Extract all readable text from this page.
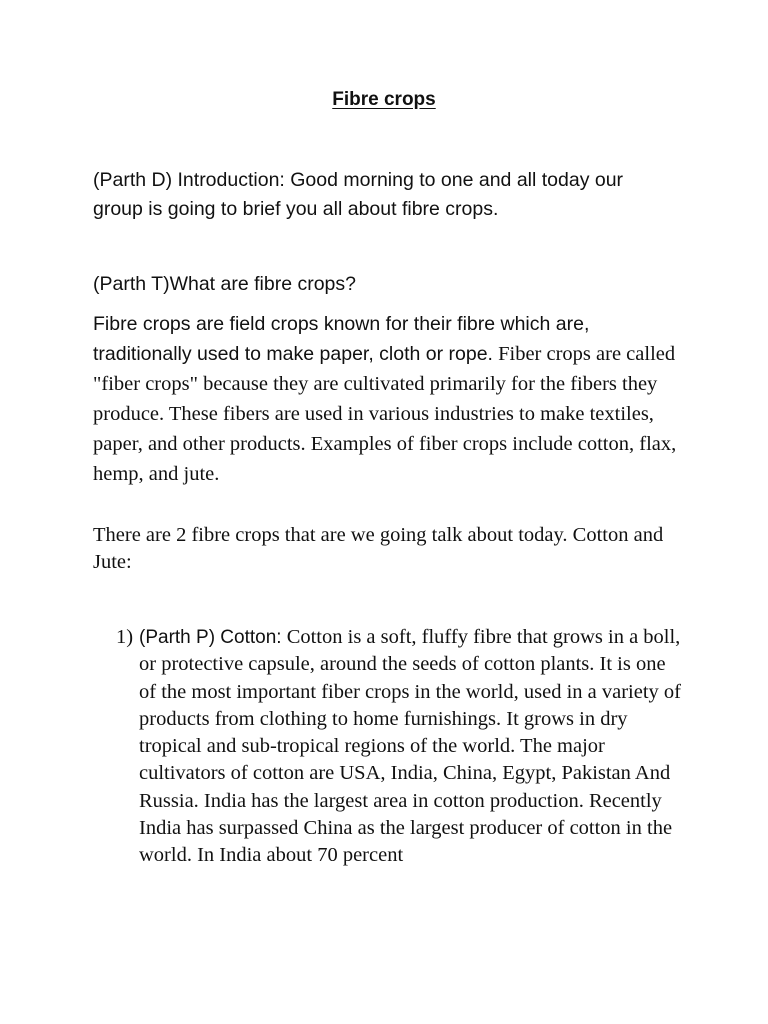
Fibre crops

(Parth D) Introduction: Good morning to one and all today our group is going to brief you all about fibre crops.

(Parth T)What are fibre crops?

Fibre crops are field crops known for their fibre which are, traditionally used to make paper, cloth or rope. Fiber crops are called "fiber crops" because they are cultivated primarily for the fibers they produce. These fibers are used in various industries to make textiles, paper, and other products. Examples of fiber crops include cotton, flax, hemp, and jute.

There are 2 fibre crops that are we going talk about today. Cotton and Jute:

1) (Parth P) Cotton: Cotton is a soft, fluffy fibre that grows in a boll, or protective capsule, around the seeds of cotton plants. It is one of the most important fiber crops in the world, used in a variety of products from clothing to home furnishings. It grows in dry tropical and sub-tropical regions of the world. The major cultivators of cotton are USA, India, China, Egypt, Pakistan And Russia. India has the largest area in cotton production. Recently India has surpassed China as the largest producer of cotton in the world. In India about 70 percent
